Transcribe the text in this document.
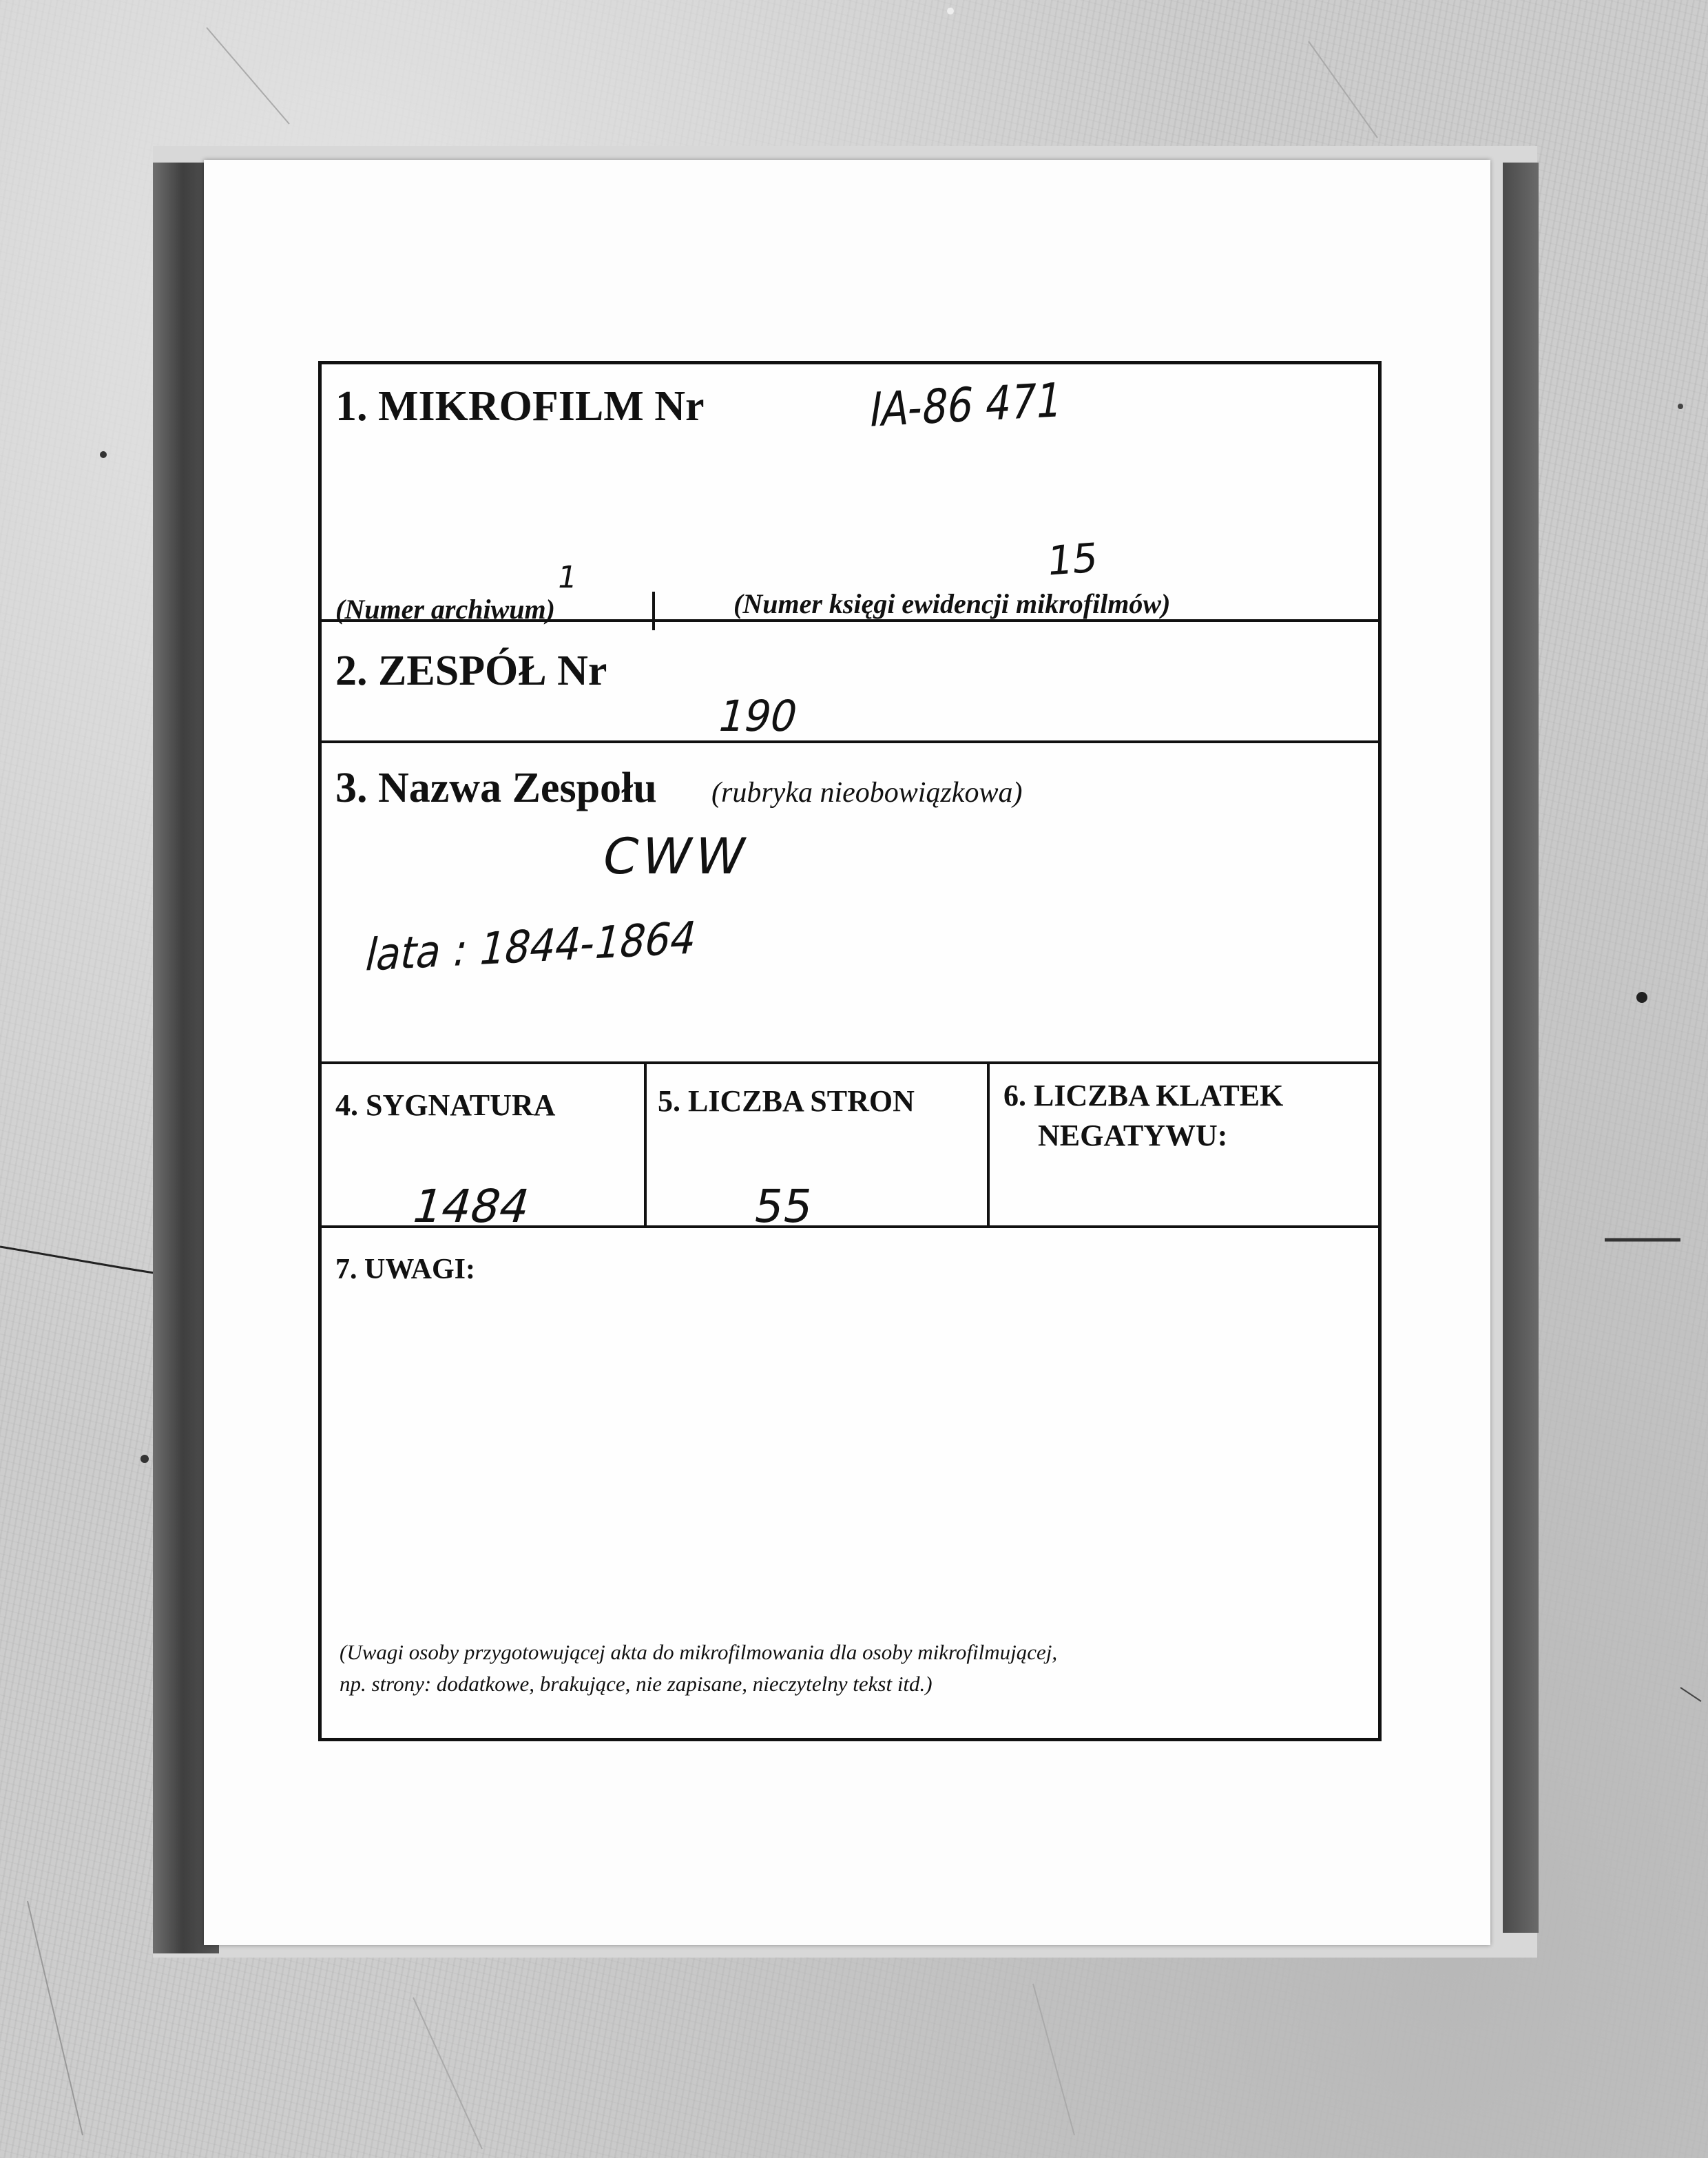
1. MIKROFILM Nr	IA-86 471
(Numer archiwum)
1
(Numer księgi ewidencji mikrofilmów)
15
2. ZESPÓŁ Nr
190
3. Nazwa Zespołu (rubryka nieobowiązkowa)
CWW
lata : 1844-1864
4. SYGNATURA
1484
5. LICZBA STRON
55
6. LICZBA KLATEK
NEGATYWU:
7. UWAGI:
(Uwagi osoby przygotowującej akta do mikrofilmowania dla osoby mikrofilmującej,
np. strony: dodatkowe, brakujące, nie zapisane, nieczytelny tekst itd.)
